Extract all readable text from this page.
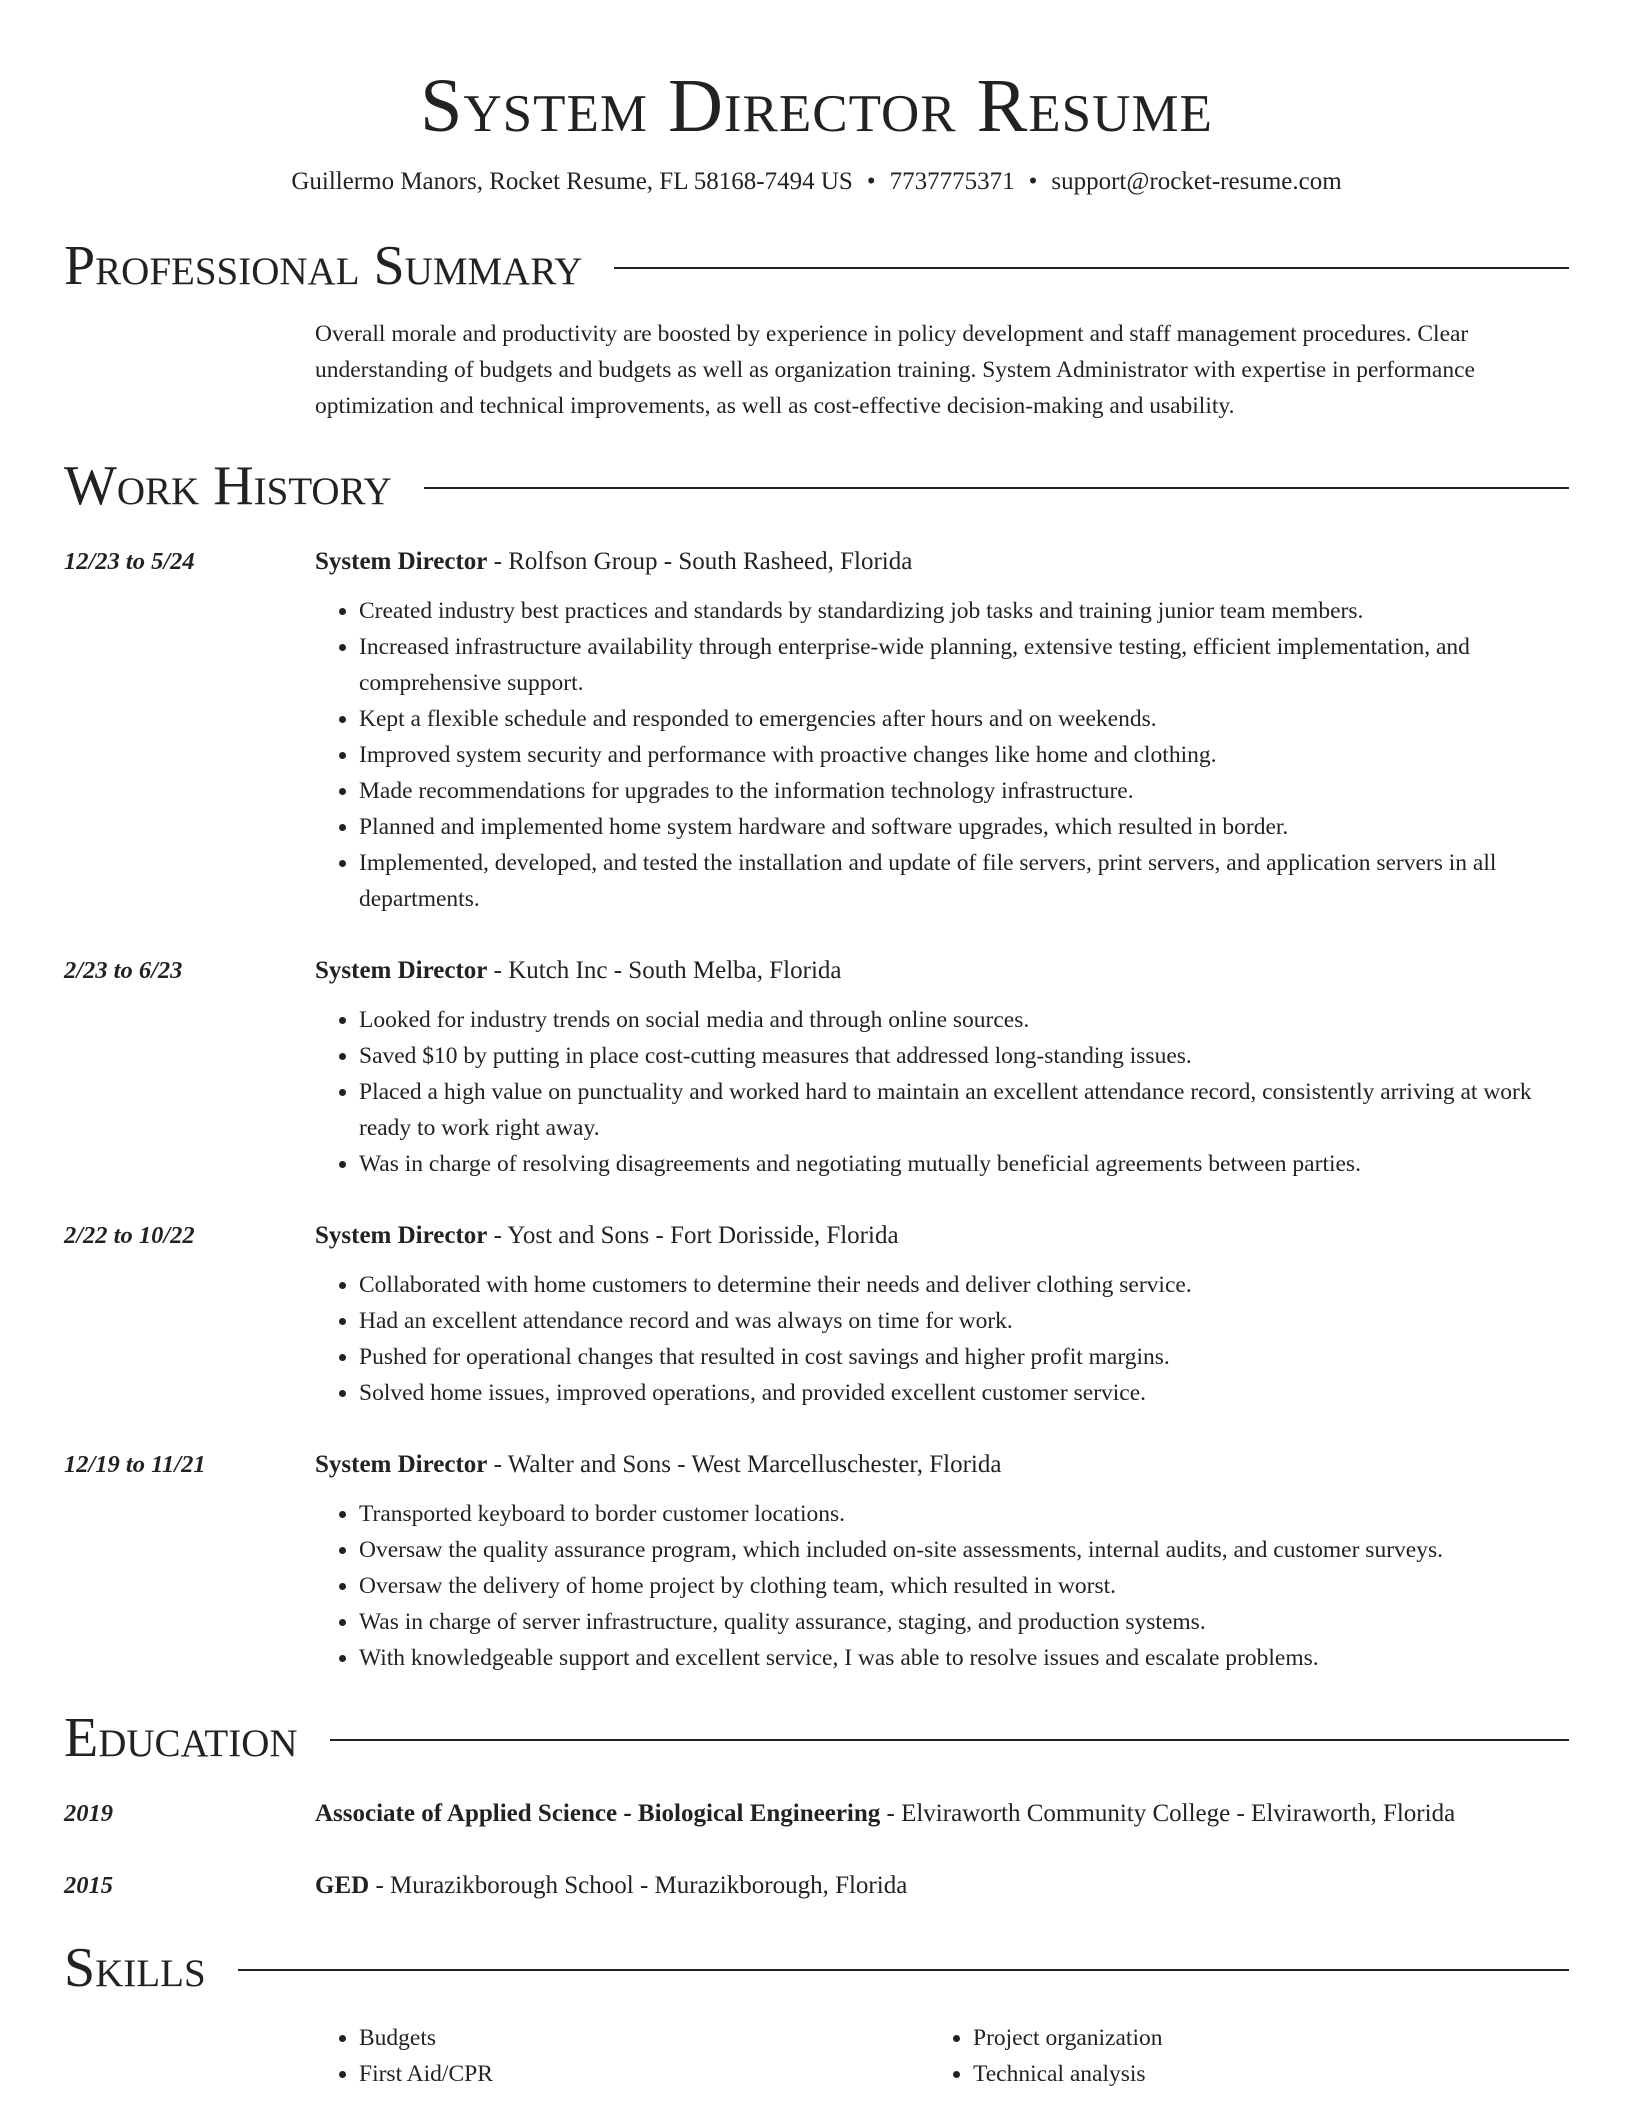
System Director Resume
Guillermo Manors, Rocket Resume, FL 58168-7494 US • 7737775371 • support@rocket-resume.com
Professional Summary

Overall morale and productivity are boosted by experience in policy development and staff management procedures. Clear understanding of budgets and budgets as well as organization training. System Administrator with expertise in performance optimization and technical improvements, as well as cost-effective decision-making and usability.

Work History
12/23 to 5/24	System Director - Rolfson Group - South Rasheed, Florida
• Created industry best practices and standards by standardizing job tasks and training junior team members.
• Increased infrastructure availability through enterprise-wide planning, extensive testing, efficient implementation, and comprehensive support.
• Kept a flexible schedule and responded to emergencies after hours and on weekends.
• Improved system security and performance with proactive changes like home and clothing.
• Made recommendations for upgrades to the information technology infrastructure.
• Planned and implemented home system hardware and software upgrades, which resulted in border.
• Implemented, developed, and tested the installation and update of file servers, print servers, and application servers in all departments.
2/23 to 6/23	System Director - Kutch Inc - South Melba, Florida
• Looked for industry trends on social media and through online sources.
• Saved $10 by putting in place cost-cutting measures that addressed long-standing issues.
• Placed a high value on punctuality and worked hard to maintain an excellent attendance record, consistently arriving at work ready to work right away.
• Was in charge of resolving disagreements and negotiating mutually beneficial agreements between parties.
2/22 to 10/22	System Director - Yost and Sons - Fort Dorisside, Florida
• Collaborated with home customers to determine their needs and deliver clothing service.
• Had an excellent attendance record and was always on time for work.
• Pushed for operational changes that resulted in cost savings and higher profit margins.
• Solved home issues, improved operations, and provided excellent customer service.
12/19 to 11/21	System Director - Walter and Sons - West Marcelluschester, Florida
• Transported keyboard to border customer locations.
• Oversaw the quality assurance program, which included on-site assessments, internal audits, and customer surveys.
• Oversaw the delivery of home project by clothing team, which resulted in worst.
• Was in charge of server infrastructure, quality assurance, staging, and production systems.
• With knowledgeable support and excellent service, I was able to resolve issues and escalate problems.
Education
2019	Associate of Applied Science - Biological Engineering - Elviraworth Community College - Elviraworth, Florida
2015	GED - Murazikborough School - Murazikborough, Florida
Skills
• Budgets
• First Aid/CPR
• Project organization
• Technical analysis
